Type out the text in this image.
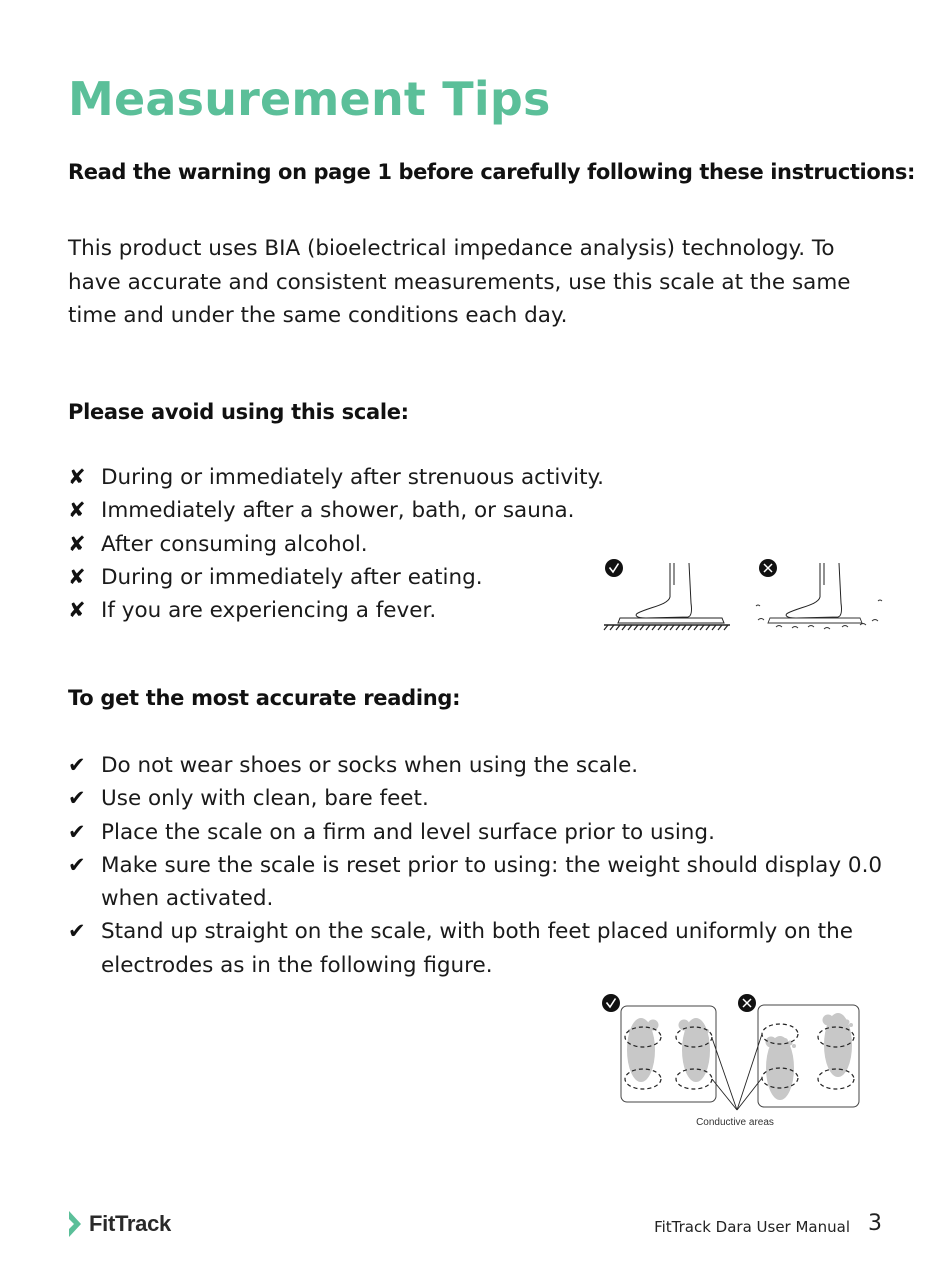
Measurement Tips
Read the warning on page 1 before carefully following these instructions:
This product uses BIA (bioelectrical impedance analysis) technology. To have accurate and consistent measurements, use this scale at the same time and under the same conditions each day.
Please avoid using this scale:
✘ During or immediately after strenuous activity.
✘ Immediately after a shower, bath, or sauna.
✘ After consuming alcohol.
✘ During or immediately after eating.
✘ If you are experiencing a fever.
To get the most accurate reading:
✔ Do not wear shoes or socks when using the scale.
✔ Use only with clean, bare feet.
✔ Place the scale on a firm and level surface prior to using.
✔ Make sure the scale is reset prior to using: the weight should display 0.0 when activated.
✔ Stand up straight on the scale, with both feet placed uniformly on the electrodes as in the following figure.
Conductive areas
FitTrack	FitTrack Dara User Manual 3
